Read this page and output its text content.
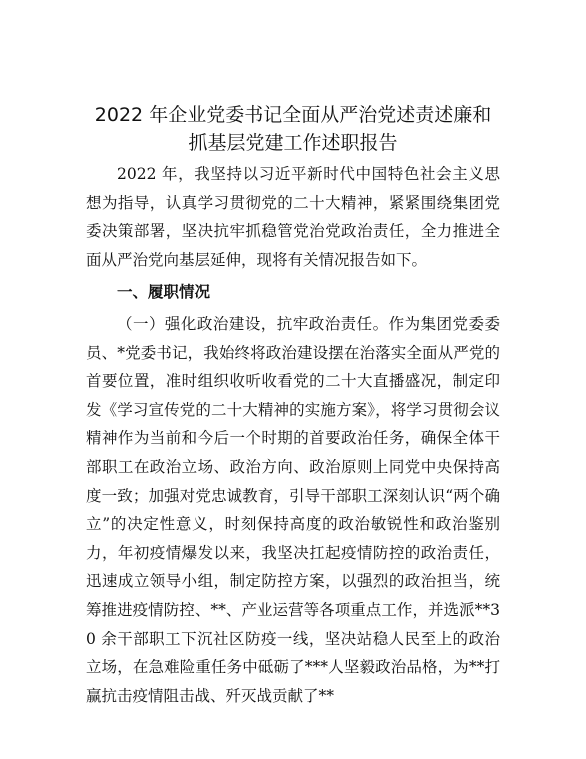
2022 年企业党委书记全面从严治党述责述廉和
抓基层党建工作述职报告

2022 年，我坚持以习近平新时代中国特色社会主义思想为指导，认真学习贯彻党的二十大精神，紧紧围绕集团党委决策部署，坚决抗牢抓稳管党治党政治责任，全力推进全面从严治党向基层延伸，现将有关情况报告如下。

一、履职情况

（一）强化政治建设，抗牢政治责任。作为集团党委委员、*党委书记，我始终将政治建设摆在治落实全面从严党的首要位置，准时组织收听收看党的二十大直播盛况，制定印发《学习宣传党的二十大精神的实施方案》，将学习贯彻会议精神作为当前和今后一个时期的首要政治任务，确保全体干部职工在政治立场、政治方向、政治原则上同党中央保持高度一致；加强对党忠诚教育，引导干部职工深刻认识“两个确立”的决定性意义，时刻保持高度的政治敏锐性和政治鉴别力，年初疫情爆发以来，我坚决扛起疫情防控的政治责任，迅速成立领导小组，制定防控方案，以强烈的政治担当，统筹推进疫情防控、**、产业运营等各项重点工作，并选派**30 余干部职工下沉社区防疫一线，坚决站稳人民至上的政治立场，在急难险重任务中砥砺了***人坚毅政治品格，为**打赢抗击疫情阻击战、歼灭战贡献了**
